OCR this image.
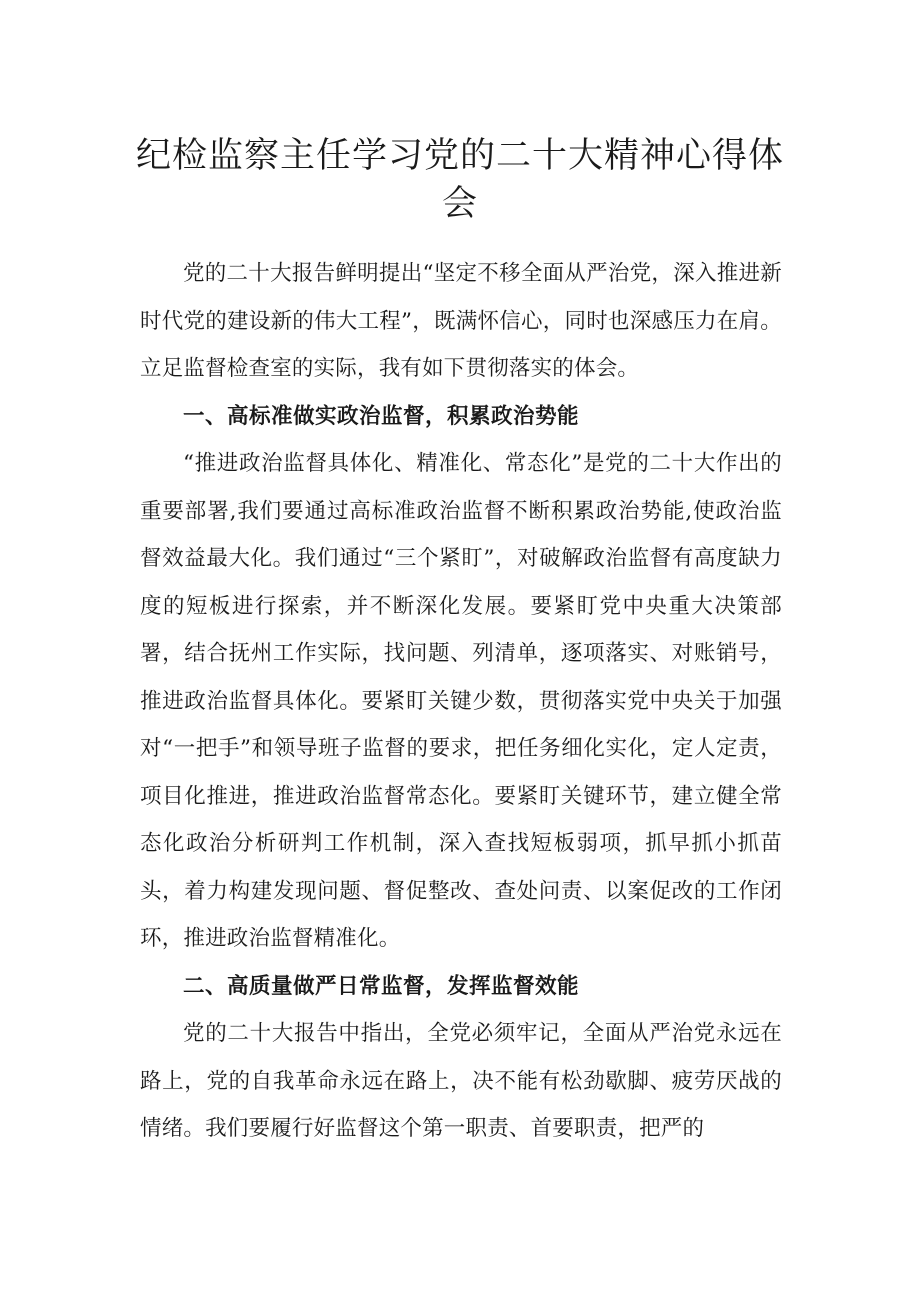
纪检监察主任学习党的二十大精神心得体会

党的二十大报告鲜明提出“坚定不移全面从严治党，深入推进新时代党的建设新的伟大工程”，既满怀信心，同时也深感压力在肩。立足监督检查室的实际，我有如下贯彻落实的体会。

一、高标准做实政治监督，积累政治势能

“推进政治监督具体化、精准化、常态化”是党的二十大作出的重要部署,我们要通过高标准政治监督不断积累政治势能,使政治监督效益最大化。我们通过“三个紧盯”，对破解政治监督有高度缺力度的短板进行探索，并不断深化发展。要紧盯党中央重大决策部署，结合抚州工作实际，找问题、列清单，逐项落实、对账销号，推进政治监督具体化。要紧盯关键少数，贯彻落实党中央关于加强对“一把手”和领导班子监督的要求，把任务细化实化，定人定责，项目化推进，推进政治监督常态化。要紧盯关键环节，建立健全常态化政治分析研判工作机制，深入查找短板弱项，抓早抓小抓苗头，着力构建发现问题、督促整改、查处问责、以案促改的工作闭环，推进政治监督精准化。

二、高质量做严日常监督，发挥监督效能

党的二十大报告中指出，全党必须牢记，全面从严治党永远在路上，党的自我革命永远在路上，决不能有松劲歇脚、疲劳厌战的情绪。我们要履行好监督这个第一职责、首要职责，把严的
